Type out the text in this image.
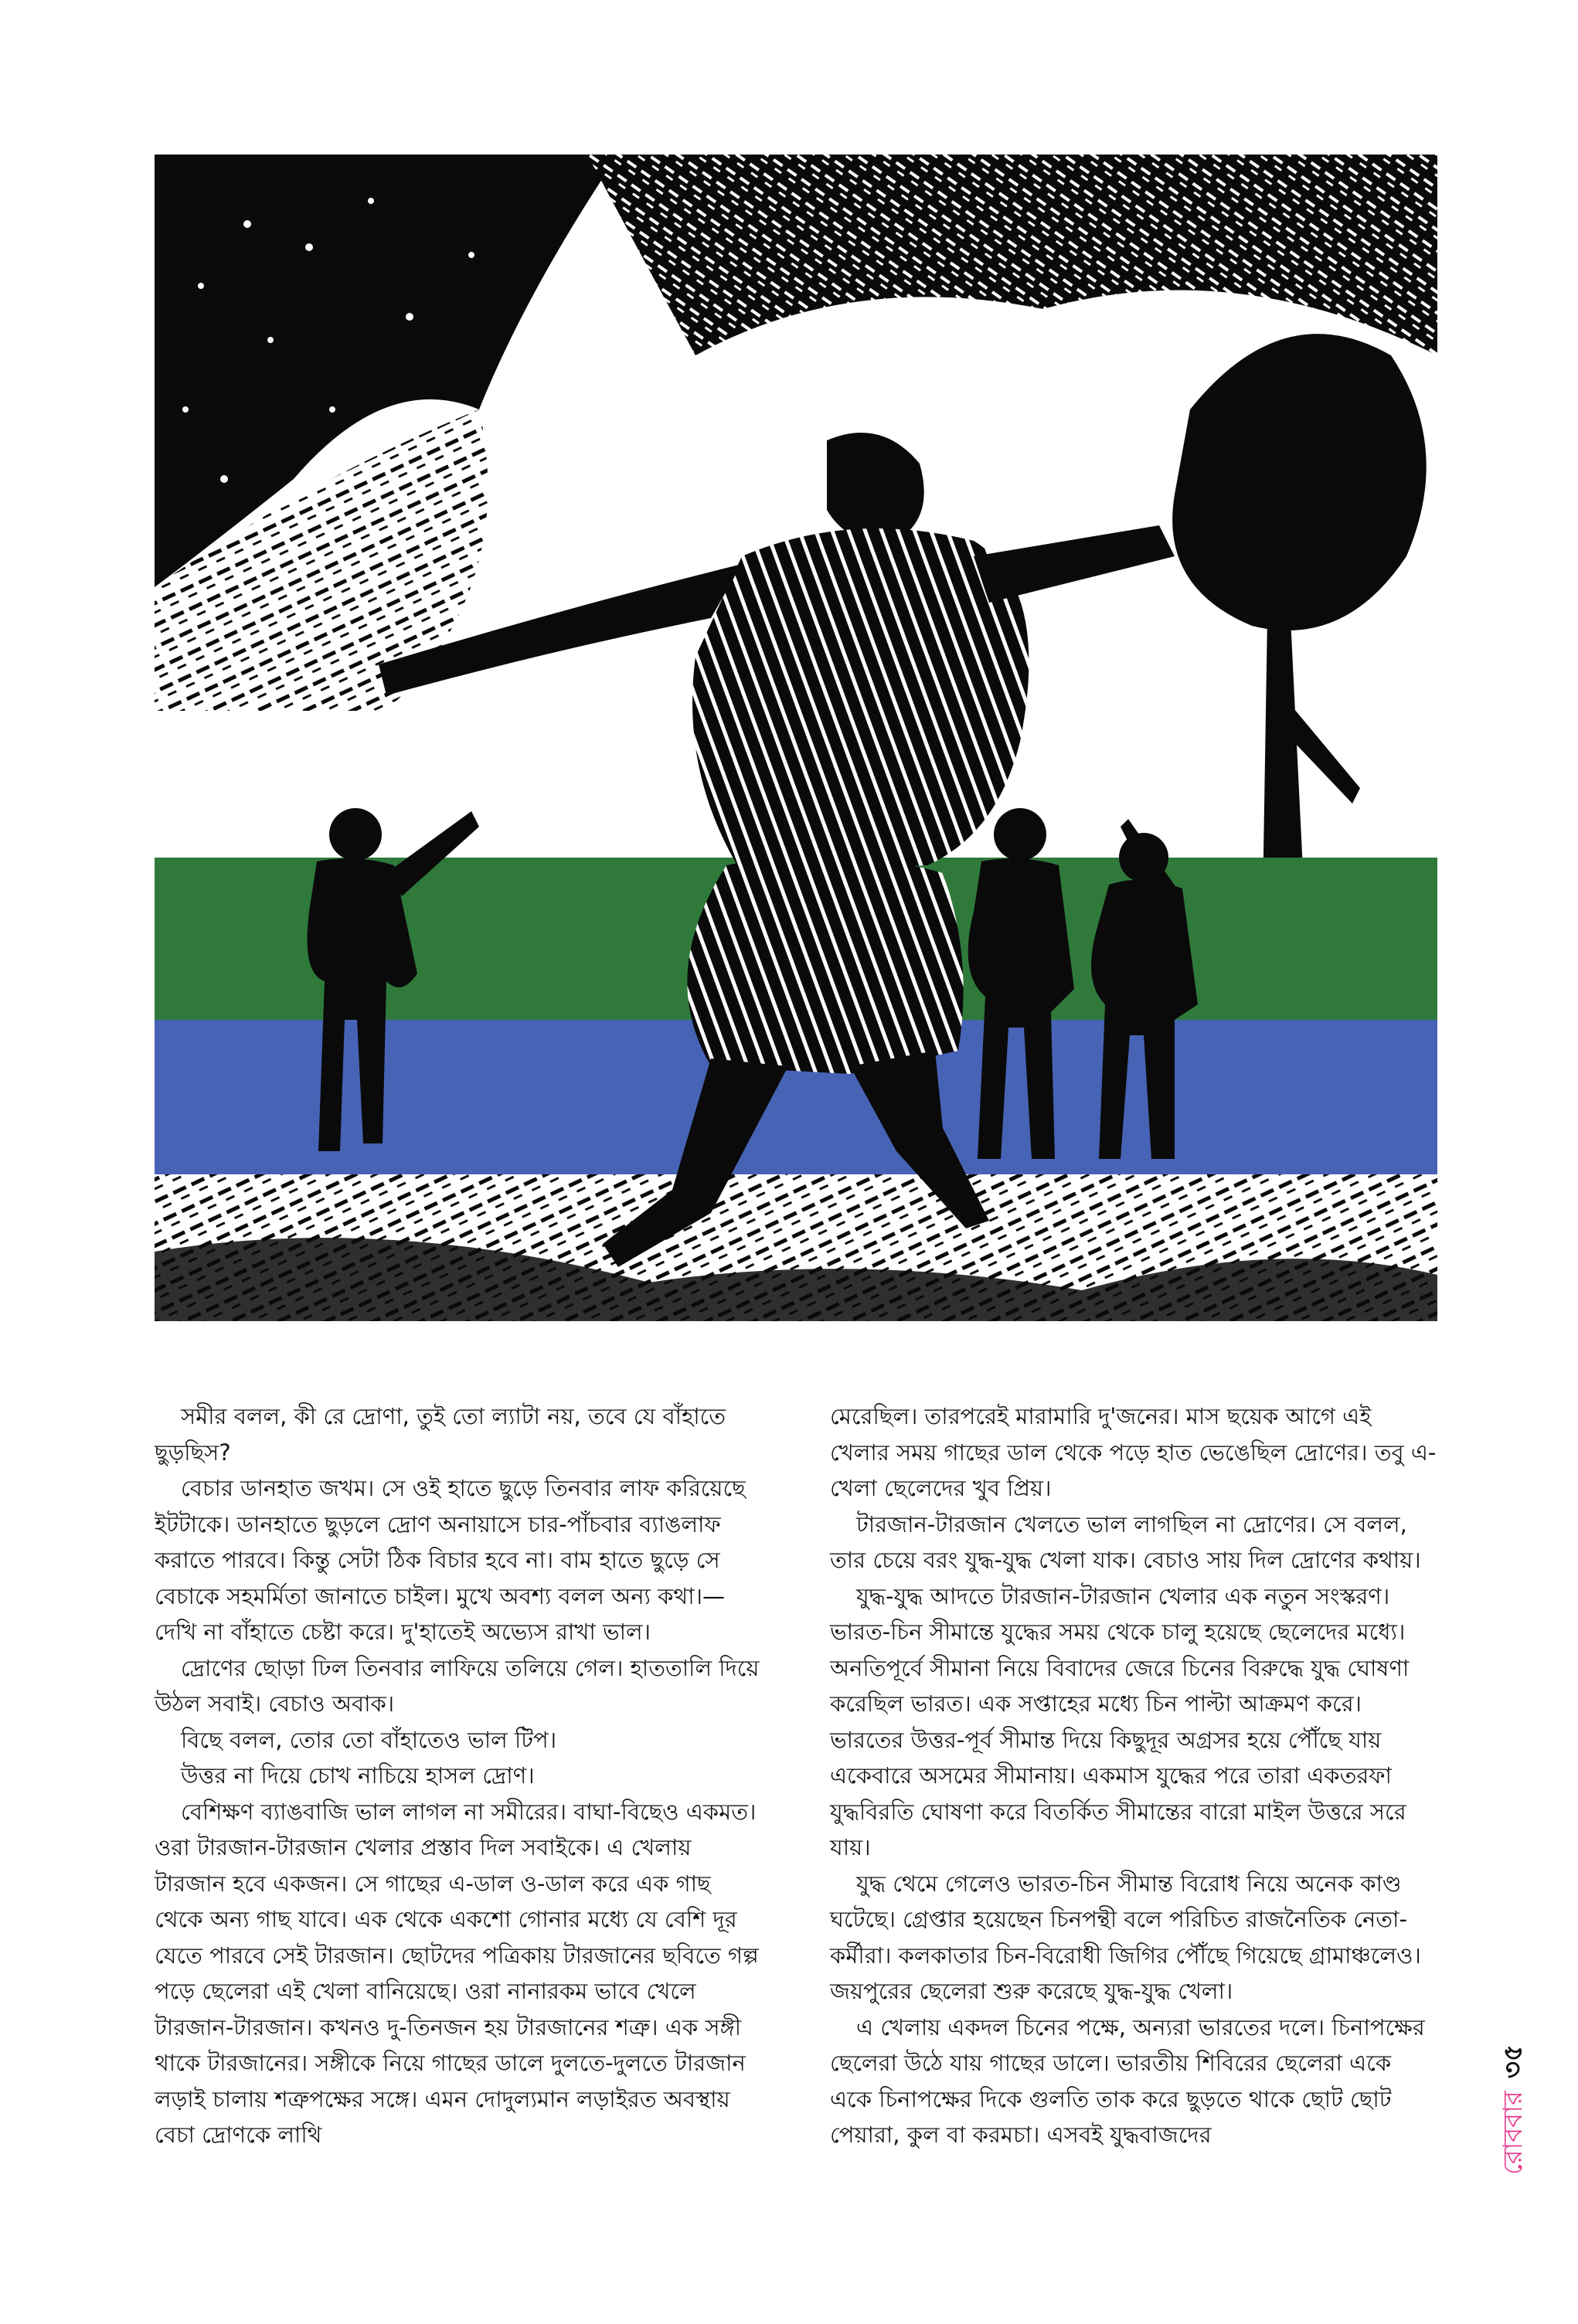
সমীর বলল, কী রে দ্রোণা, তুই তো ল্যাটা নয়, তবে যে বাঁহাতে ছুড়ছিস?

বেচার ডানহাত জখম। সে ওই হাতে ছুড়ে তিনবার লাফ করিয়েছে ইটটাকে। ডানহাতে ছুড়লে দ্রোণ অনায়াসে চার-পাঁচবার ব্যাঙলাফ করাতে পারবে। কিন্তু সেটা ঠিক বিচার হবে না। বাম হাতে ছুড়ে সে বেচাকে সহমর্মিতা জানাতে চাইল। মুখে অবশ্য বলল অন্য কথা।—দেখি না বাঁহাতে চেষ্টা করে। দু'হাতেই অভ্যেস রাখা ভাল।

দ্রোণের ছোড়া ঢিল তিনবার লাফিয়ে তলিয়ে গেল। হাততালি দিয়ে উঠল সবাই। বেচাও অবাক।

বিছে বলল, তোর তো বাঁহাতেও ভাল টিপ।

উত্তর না দিয়ে চোখ নাচিয়ে হাসল দ্রোণ।

বেশিক্ষণ ব্যাঙবাজি ভাল লাগল না সমীরের। বাঘা-বিছেও একমত। ওরা টারজান-টারজান খেলার প্রস্তাব দিল সবাইকে। এ খেলায় টারজান হবে একজন। সে গাছের এ-ডাল ও-ডাল করে এক গাছ থেকে অন্য গাছ যাবে। এক থেকে একশো গোনার মধ্যে যে বেশি দূর যেতে পারবে সেই টারজান। ছোটদের পত্রিকায় টারজানের ছবিতে গল্প পড়ে ছেলেরা এই খেলা বানিয়েছে। ওরা নানারকম ভাবে খেলে টারজান-টারজান। কখনও দু-তিনজন হয় টারজানের শত্রু। এক সঙ্গী থাকে টারজানের। সঙ্গীকে নিয়ে গাছের ডালে দুলতে-দুলতে টারজান লড়াই চালায় শত্রুপক্ষের সঙ্গে। এমন দোদুল্যমান লড়াইরত অবস্থায় বেচা দ্রোণকে লাথি

মেরেছিল। তারপরেই মারামারি দু'জনের। মাস ছয়েক আগে এই খেলার সময় গাছের ডাল থেকে পড়ে হাত ভেঙেছিল দ্রোণের। তবু এ-খেলা ছেলেদের খুব প্রিয়।

টারজান-টারজান খেলতে ভাল লাগছিল না দ্রোণের। সে বলল, তার চেয়ে বরং যুদ্ধ-যুদ্ধ খেলা যাক। বেচাও সায় দিল দ্রোণের কথায়।

যুদ্ধ-যুদ্ধ আদতে টারজান-টারজান খেলার এক নতুন সংস্করণ। ভারত-চিন সীমান্তে যুদ্ধের সময় থেকে চালু হয়েছে ছেলেদের মধ্যে। অনতিপূর্বে সীমানা নিয়ে বিবাদের জেরে চিনের বিরুদ্ধে যুদ্ধ ঘোষণা করেছিল ভারত। এক সপ্তাহের মধ্যে চিন পাল্টা আক্রমণ করে। ভারতের উত্তর-পূর্ব সীমান্ত দিয়ে কিছুদূর অগ্রসর হয়ে পৌঁছে যায় একেবারে অসমের সীমানায়। একমাস যুদ্ধের পরে তারা একতরফা যুদ্ধবিরতি ঘোষণা করে বিতর্কিত সীমান্তের বারো মাইল উত্তরে সরে যায়।

যুদ্ধ থেমে গেলেও ভারত-চিন সীমান্ত বিরোধ নিয়ে অনেক কাণ্ড ঘটেছে। গ্রেপ্তার হয়েছেন চিনপন্থী বলে পরিচিত রাজনৈতিক নেতা-কর্মীরা। কলকাতার চিন-বিরোধী জিগির পৌঁছে গিয়েছে গ্রামাঞ্চলেও। জয়পুরের ছেলেরা শুরু করেছে যুদ্ধ-যুদ্ধ খেলা।

এ খেলায় একদল চিনের পক্ষে, অন্যরা ভারতের দলে। চিনাপক্ষের ছেলেরা উঠে যায় গাছের ডালে। ভারতীয় শিবিরের ছেলেরা একে একে চিনাপক্ষের দিকে গুলতি তাক করে ছুড়তে থাকে ছোট ছোট পেয়ারা, কুল বা করমচা। এসবই যুদ্ধবাজদের	রোববার৩৫
